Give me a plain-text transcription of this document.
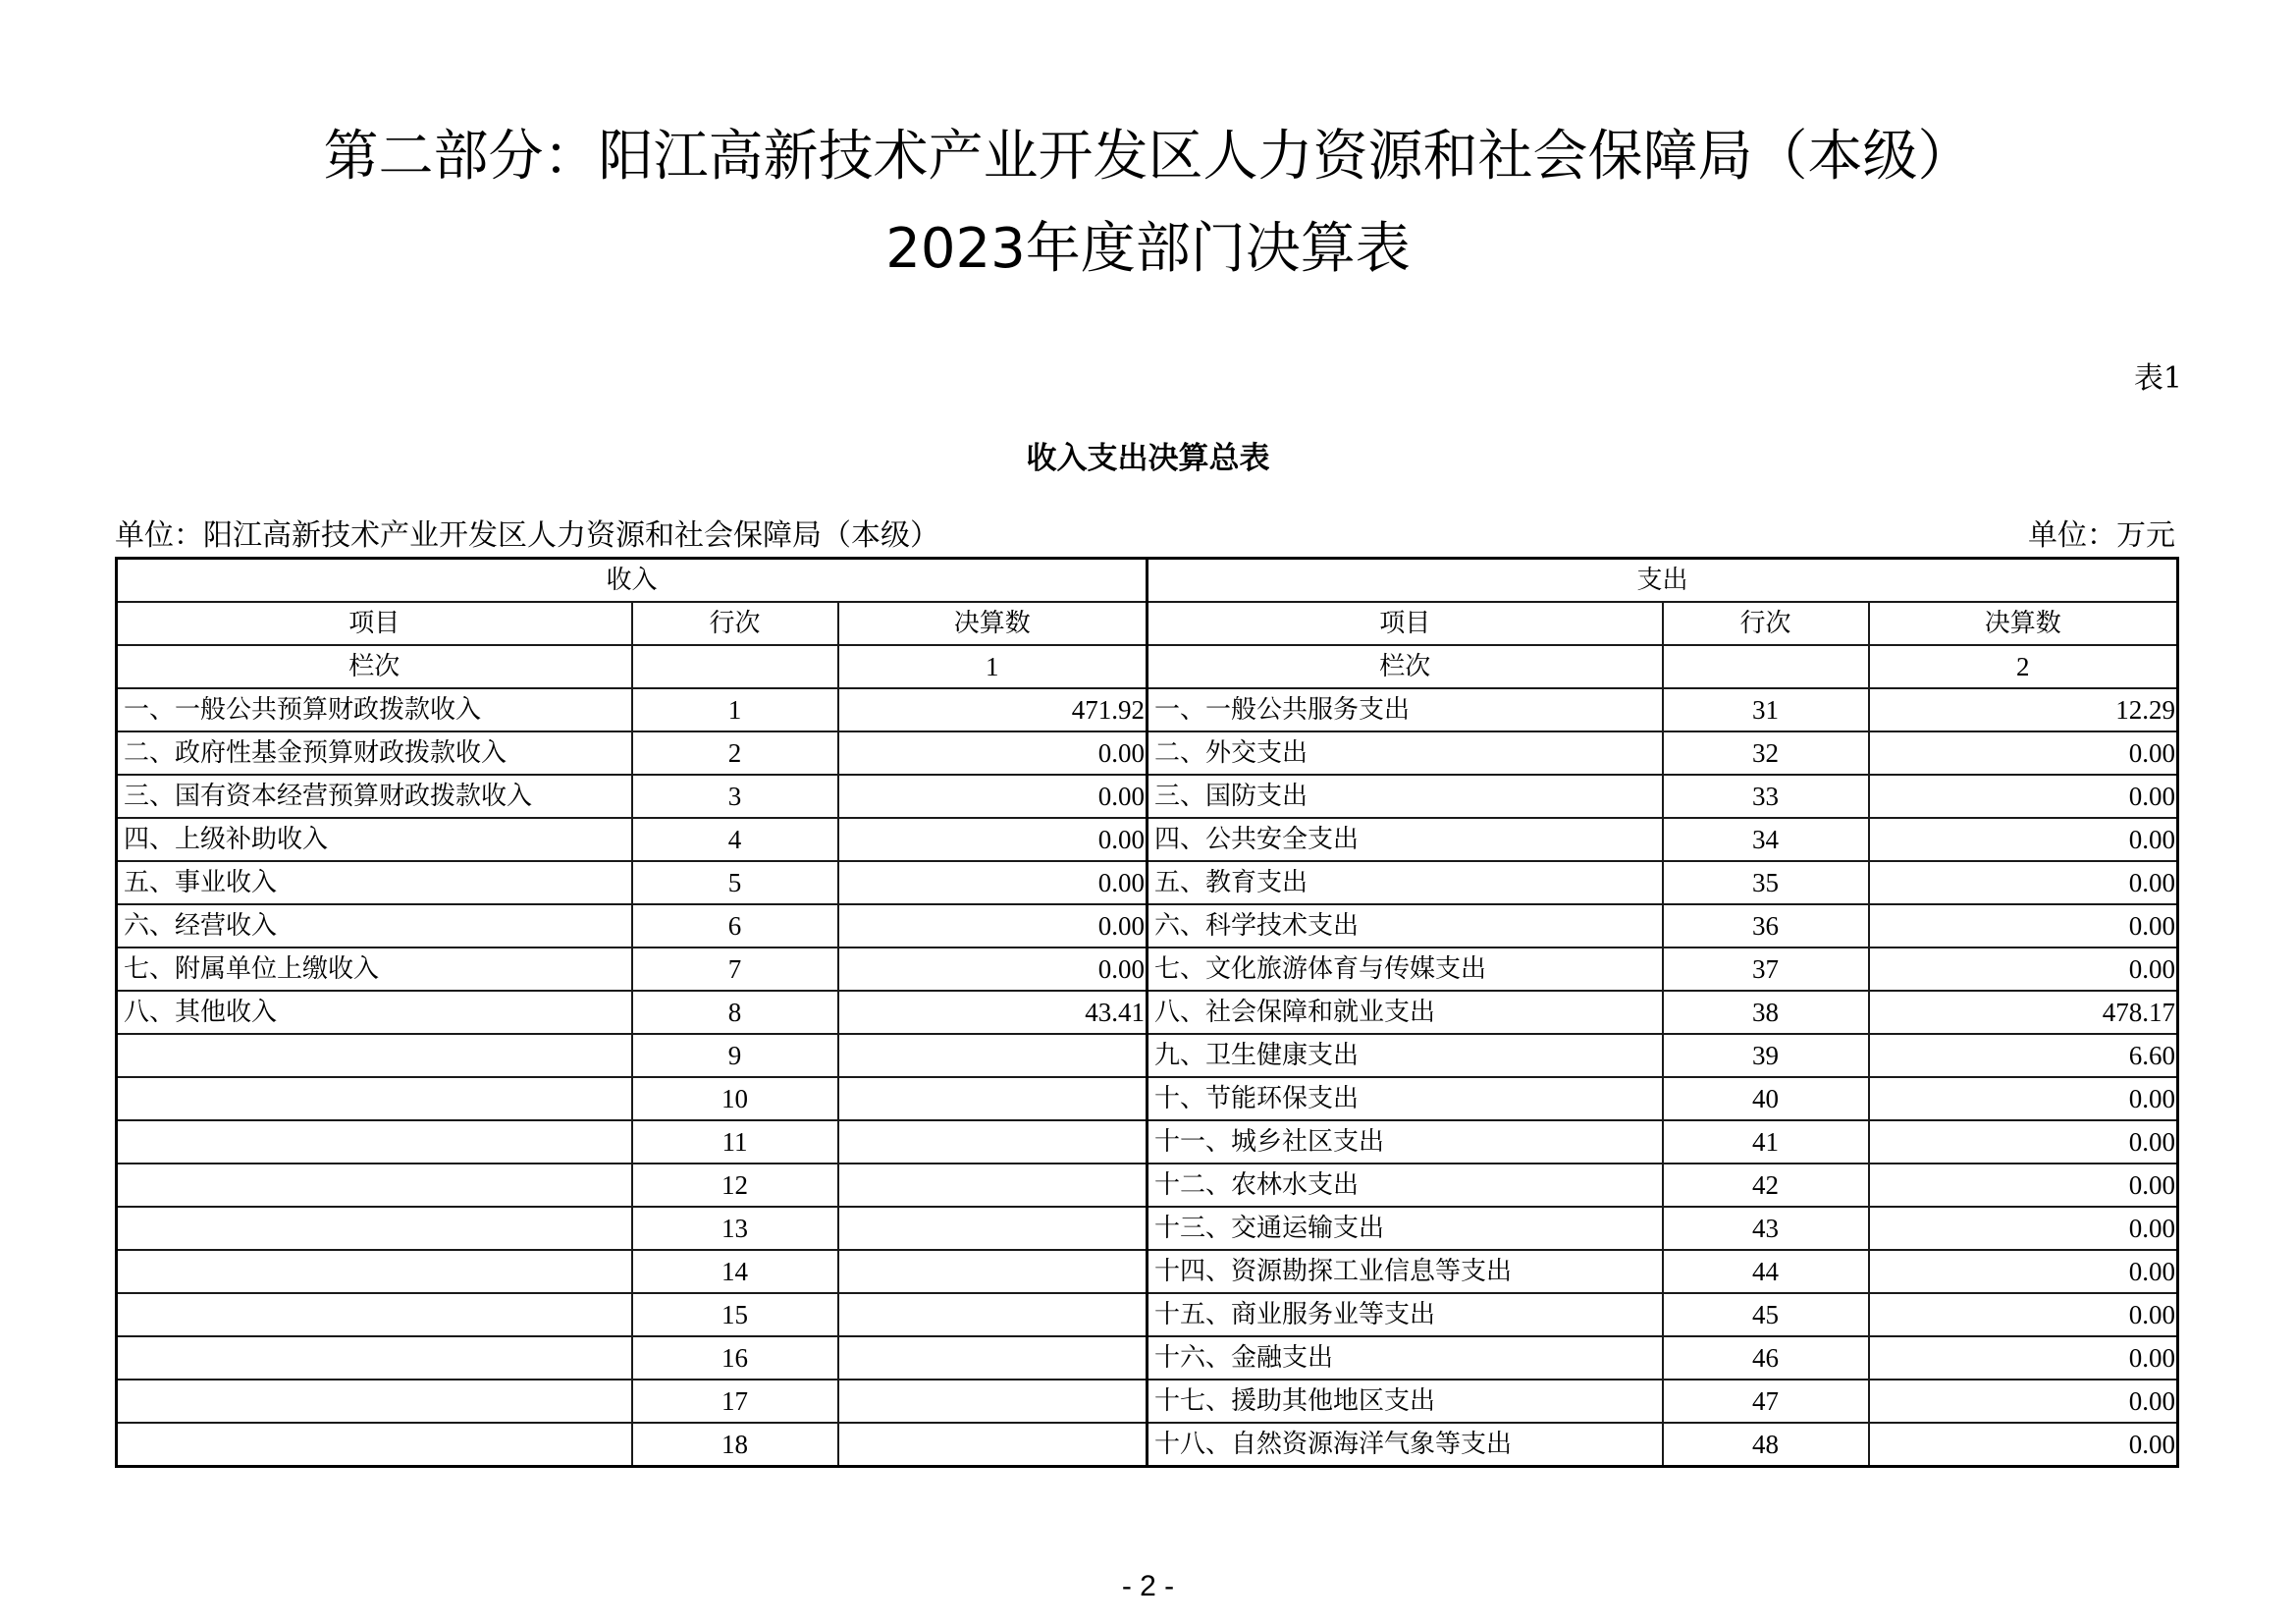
第二部分：阳江高新技术产业开发区人力资源和社会保障局（本级）
2023年度部门决算表
表1
收入支出决算总表
单位：阳江高新技术产业开发区人力资源和社会保障局（本级）	单位：万元
收入			支出		
项目	行次	决算数	项目	行次	决算数
栏次		1	栏次		2
一、一般公共预算财政拨款收入	1	471.92	一、一般公共服务支出	31	12.29
二、政府性基金预算财政拨款收入	2	0.00	二、外交支出	32	0.00
三、国有资本经营预算财政拨款收入	3	0.00	三、国防支出	33	0.00
四、上级补助收入	4	0.00	四、公共安全支出	34	0.00
五、事业收入	5	0.00	五、教育支出	35	0.00
六、经营收入	6	0.00	六、科学技术支出	36	0.00
七、附属单位上缴收入	7	0.00	七、文化旅游体育与传媒支出	37	0.00
八、其他收入	8	43.41	八、社会保障和就业支出	38	478.17
	9		九、卫生健康支出	39	6.60
	10		十、节能环保支出	40	0.00
	11		十一、城乡社区支出	41	0.00
	12		十二、农林水支出	42	0.00
	13		十三、交通运输支出	43	0.00
	14		十四、资源勘探工业信息等支出	44	0.00
	15		十五、商业服务业等支出	45	0.00
	16		十六、金融支出	46	0.00
	17		十七、援助其他地区支出	47	0.00
	18		十八、自然资源海洋气象等支出	48	0.00
- 2 -
